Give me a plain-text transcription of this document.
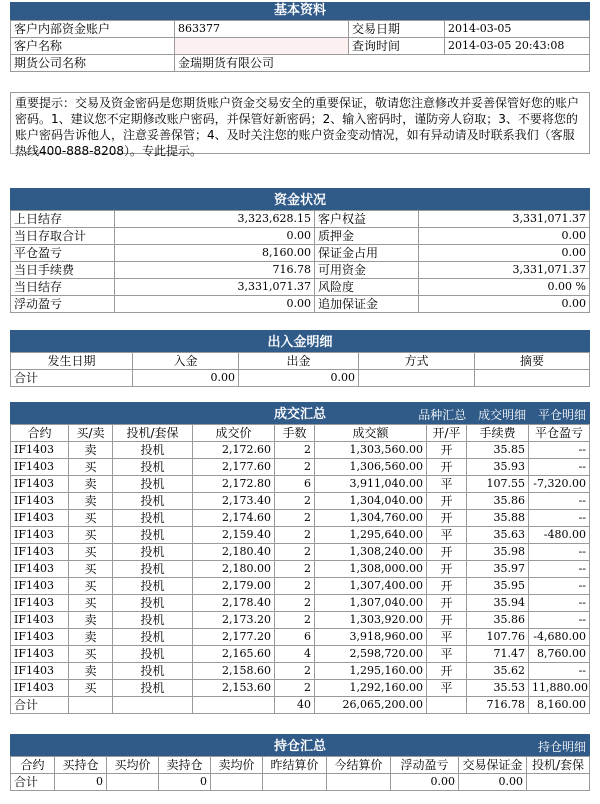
基本资料
客户内部资金账户	863377	交易日期	2014-03-05
客户名称		查询时间	2014-03-05 20:43:08
期货公司名称	金瑞期货有限公司		
重要提示：交易及资金密码是您期货账户资金交易安全的重要保证，敬请您注意修改并妥善保管好您的账户密码。1、建议您不定期修改账户密码，并保管好新密码；2、输入密码时，谨防旁人窃取；3、不要将您的账户密码告诉他人，注意妥善保管；4、及时关注您的账户资金变动情况，如有异动请及时联系我们（客服热线400-888-8208）。专此提示。
资金状况
上日结存	3,323,628.15	客户权益	3,331,071.37
当日存取合计	0.00	质押金	0.00
平仓盈亏	8,160.00	保证金占用	0.00
当日手续费	716.78	可用资金	3,331,071.37
当日结存	3,331,071.37	风险度	0.00 %
浮动盈亏	0.00	追加保证金	0.00
出入金明细
发生日期	入金	出金	方式	摘要
合计	0.00	0.00		
成交汇总	品种汇总 成交明细 平仓明细
合约	买/卖	投机/套保	成交价	手数	成交额	开/平	手续费	平仓盈亏
IF1403	卖	投机	2,172.60	2	1,303,560.00	开	35.85	--
IF1403	买	投机	2,177.60	2	1,306,560.00	开	35.93	--
IF1403	卖	投机	2,172.80	6	3,911,040.00	平	107.55	-7,320.00
IF1403	卖	投机	2,173.40	2	1,304,040.00	开	35.86	--
IF1403	买	投机	2,174.60	2	1,304,760.00	开	35.88	--
IF1403	买	投机	2,159.40	2	1,295,640.00	平	35.63	-480.00
IF1403	买	投机	2,180.40	2	1,308,240.00	开	35.98	--
IF1403	买	投机	2,180.00	2	1,308,000.00	开	35.97	--
IF1403	买	投机	2,179.00	2	1,307,400.00	开	35.95	--
IF1403	买	投机	2,178.40	2	1,307,040.00	开	35.94	--
IF1403	卖	投机	2,173.20	2	1,303,920.00	开	35.86	--
IF1403	卖	投机	2,177.20	6	3,918,960.00	平	107.76	-4,680.00
IF1403	买	投机	2,165.60	4	2,598,720.00	平	71.47	8,760.00
IF1403	卖	投机	2,158.60	2	1,295,160.00	开	35.62	--
IF1403	买	投机	2,153.60	2	1,292,160.00	平	35.53	11,880.00
合计				40	26,065,200.00		716.78	8,160.00
持仓汇总	持仓明细
合约	买持仓	买均价	卖持仓	卖均价	昨结算价	今结算价	浮动盈亏	交易保证金	投机/套保
合计	0		0				0.00	0.00	
